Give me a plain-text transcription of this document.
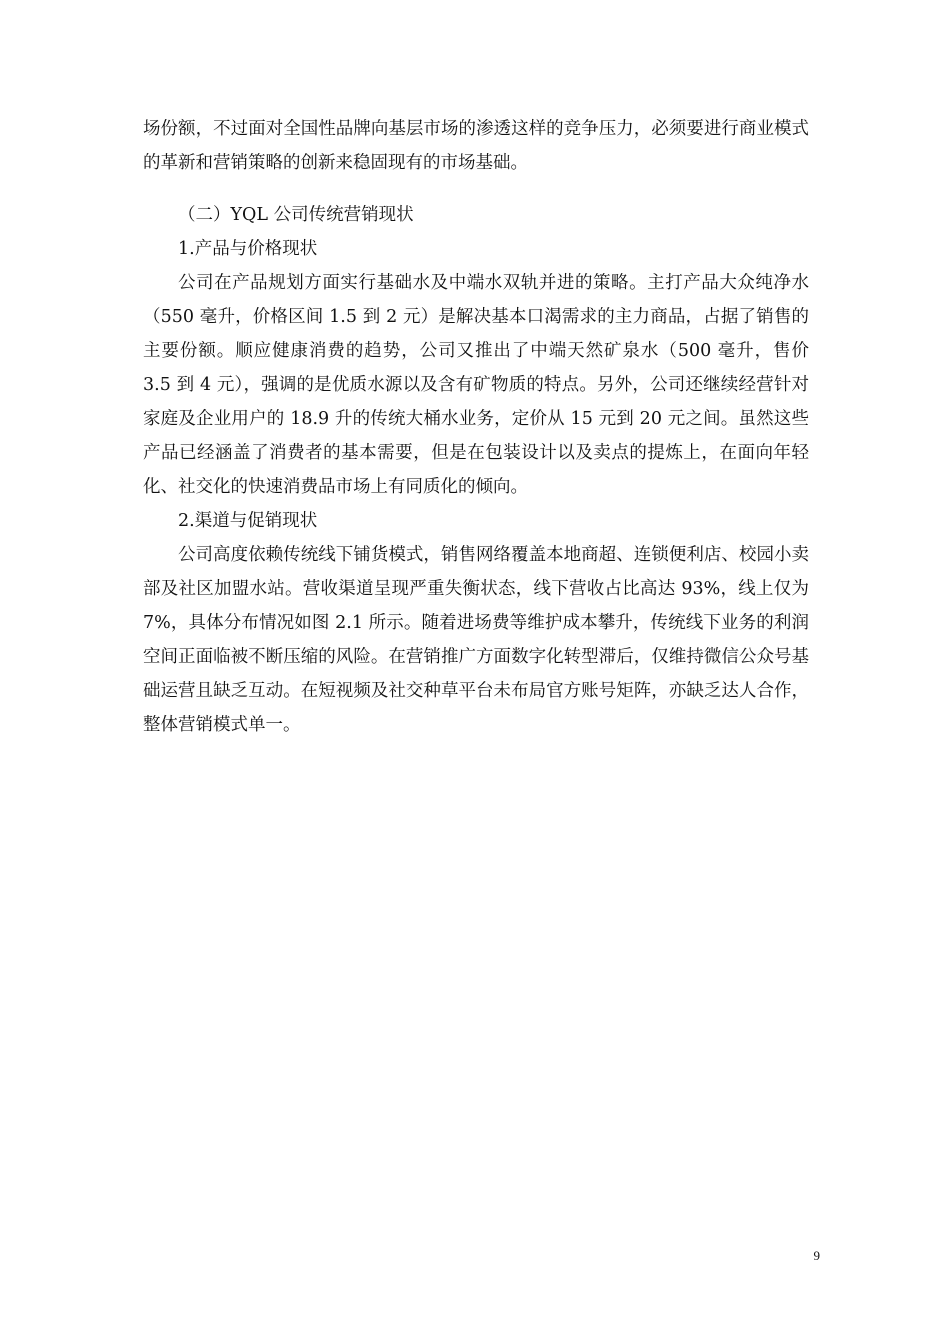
场份额，不过面对全国性品牌向基层市场的渗透这样的竞争压力，必须要进行商业模式的革新和营销策略的创新来稳固现有的市场基础。

（二）YQL 公司传统营销现状
1.产品与价格现状

公司在产品规划方面实行基础水及中端水双轨并进的策略。主打产品大众纯净水（550 毫升，价格区间 1.5 到 2 元）是解决基本口渴需求的主力商品，占据了销售的主要份额。顺应健康消费的趋势，公司又推出了中端天然矿泉水（500 毫升，售价 3.5 到 4 元），强调的是优质水源以及含有矿物质的特点。另外，公司还继续经营针对家庭及企业用户的 18.9 升的传统大桶水业务，定价从 15 元到 20 元之间。虽然这些产品已经涵盖了消费者的基本需要，但是在包装设计以及卖点的提炼上，在面向年轻化、社交化的快速消费品市场上有同质化的倾向。

2.渠道与促销现状

公司高度依赖传统线下铺货模式，销售网络覆盖本地商超、连锁便利店、校园小卖部及社区加盟水站。营收渠道呈现严重失衡状态，线下营收占比高达 93%，线上仅为 7%，具体分布情况如图 2.1 所示。随着进场费等维护成本攀升，传统线下业务的利润空间正面临被不断压缩的风险。在营销推广方面数字化转型滞后，仅维持微信公众号基础运营且缺乏互动。在短视频及社交种草平台未布局官方账号矩阵，亦缺乏达人合作，整体营销模式单一。

9
